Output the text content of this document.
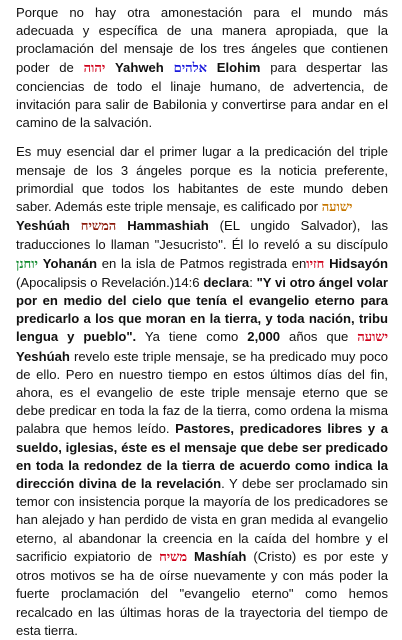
Porque no hay otra amonestación para el mundo más adecuada y específica de una manera apropiada, que la proclamación del mensaje de los tres ángeles que contienen poder de יהוה Yahweh אלהים Elohim para despertar las conciencias de todo el linaje humano, de advertencia, de invitación para salir de Babilonia y convertirse para andar en el camino de la salvación.

Es muy esencial dar el primer lugar a la predicación del triple mensaje de los 3 ángeles porque es la noticia preferente, primordial que todos los habitantes de este mundo deben saber. Además este triple mensaje, es calificado por ישועה
Yeshúah המשיח Hammashiah (EL ungido Salvador), las traducciones lo llaman "Jesucristo". Él lo reveló a su discípulo יוחנן Yohanán en la isla de Patmos registrada enחזיו Hidsayón (Apocalipsis o Revelación.)14:6 declara: "Y vi otro ángel volar por en medio del cielo que tenía el evangelio eterno para predicarlo a los que moran en la tierra, y toda nación, tribu lengua y pueblo". Ya tiene como 2,000 años que ישועה Yeshúah revelo este triple mensaje, se ha predicado muy poco de ello. Pero en nuestro tiempo en estos últimos días del fin, ahora, es el evangelio de este triple mensaje eterno que se debe predicar en toda la faz de la tierra, como ordena la misma palabra que hemos leído. Pastores, predicadores libres y a sueldo, iglesias, éste es el mensaje que debe ser predicado en toda la redondez de la tierra de acuerdo como indica la dirección divina de la revelación. Y debe ser proclamado sin temor con insistencia porque la mayoría de los predicadores se han alejado y han perdido de vista en gran medida al evangelio eterno, al abandonar la creencia en la caída del hombre y el sacrificio expiatorio de משיח Mashíah (Cristo) es por este y otros motivos se ha de oírse nuevamente y con más poder la fuerte proclamación del "evangelio eterno" como hemos recalcado en las últimas horas de la trayectoria del tiempo de esta tierra.
